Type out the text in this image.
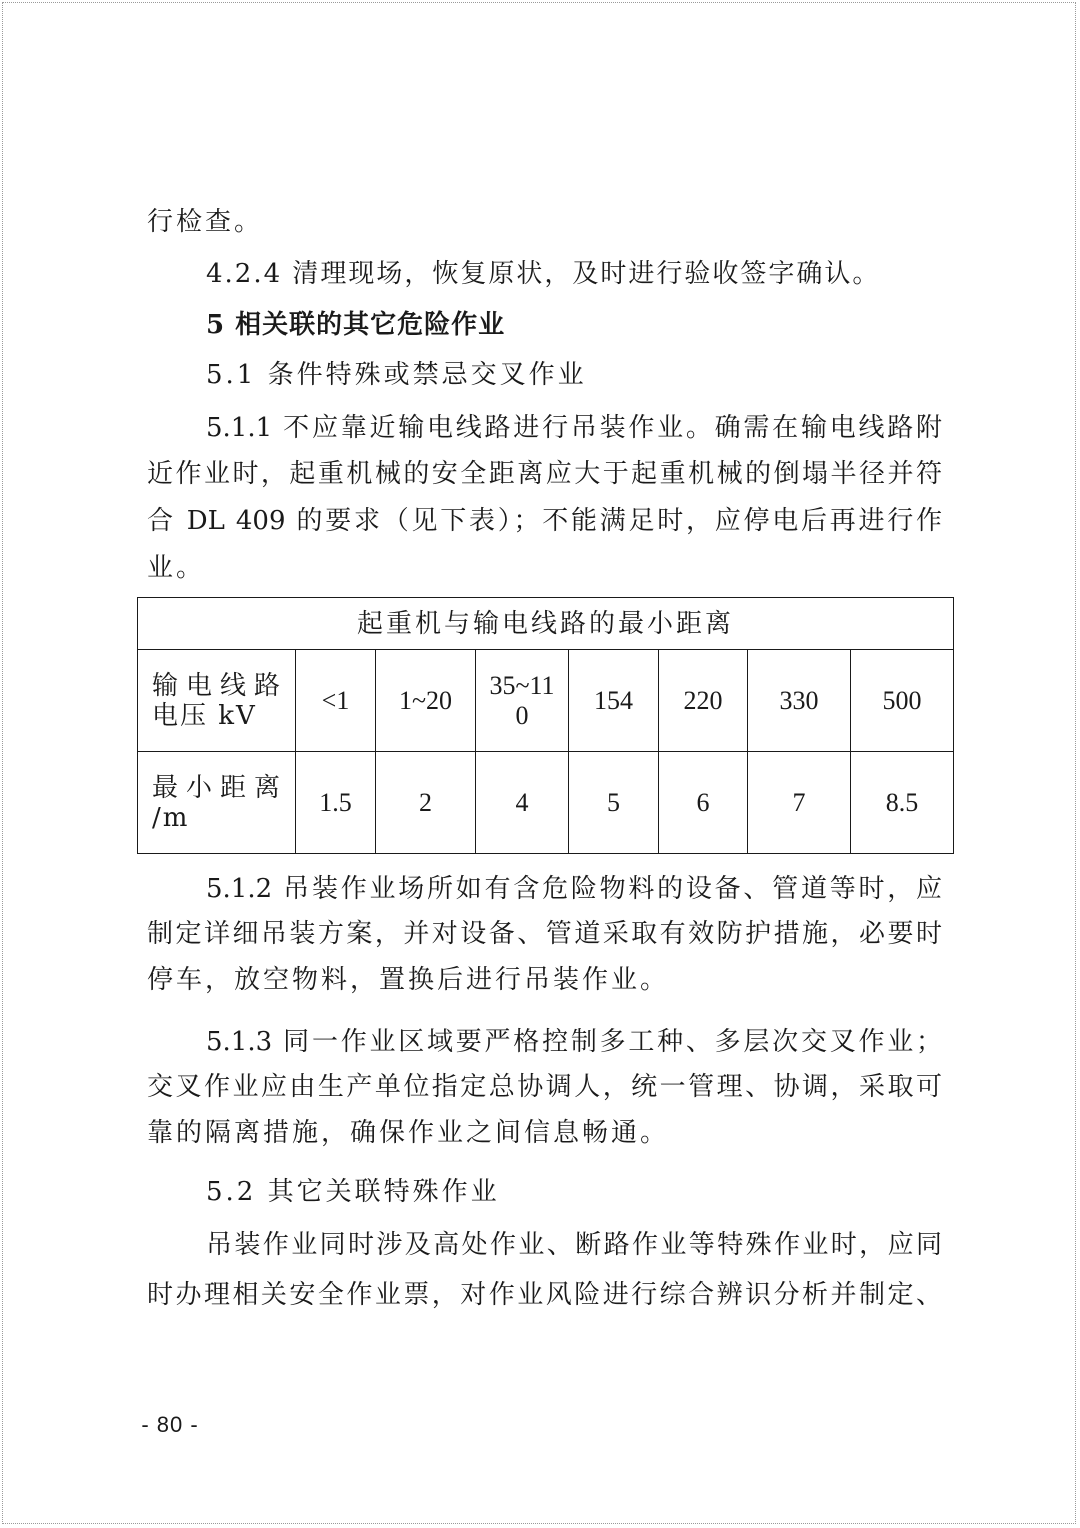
行检查。

4.2.4 清理现场，恢复原状，及时进行验收签字确认。

5 相关联的其它危险作业

5.1 条件特殊或禁忌交叉作业

5.1.1 不应靠近输电线路进行吊装作业。确需在输电线路附

近作业时，起重机械的安全距离应大于起重机械的倒塌半径并符

合 DL 409 的要求（见下表）；不能满足时，应停电后再进行作

业。

起重机与输电线路的最小距离							

输电线路
电压 kV	<1	1~20	35~110	154	220	330	500

最小距离
/m	1.5	2	4	5	6	7	8.5

5.1.2 吊装作业场所如有含危险物料的设备、管道等时，应

制定详细吊装方案，并对设备、管道采取有效防护措施，必要时

停车，放空物料，置换后进行吊装作业。

5.1.3 同一作业区域要严格控制多工种、多层次交叉作业；

交叉作业应由生产单位指定总协调人，统一管理、协调，采取可

靠的隔离措施，确保作业之间信息畅通。

5.2 其它关联特殊作业

吊装作业同时涉及高处作业、断路作业等特殊作业时，应同

时办理相关安全作业票，对作业风险进行综合辨识分析并制定、

- 80 -
